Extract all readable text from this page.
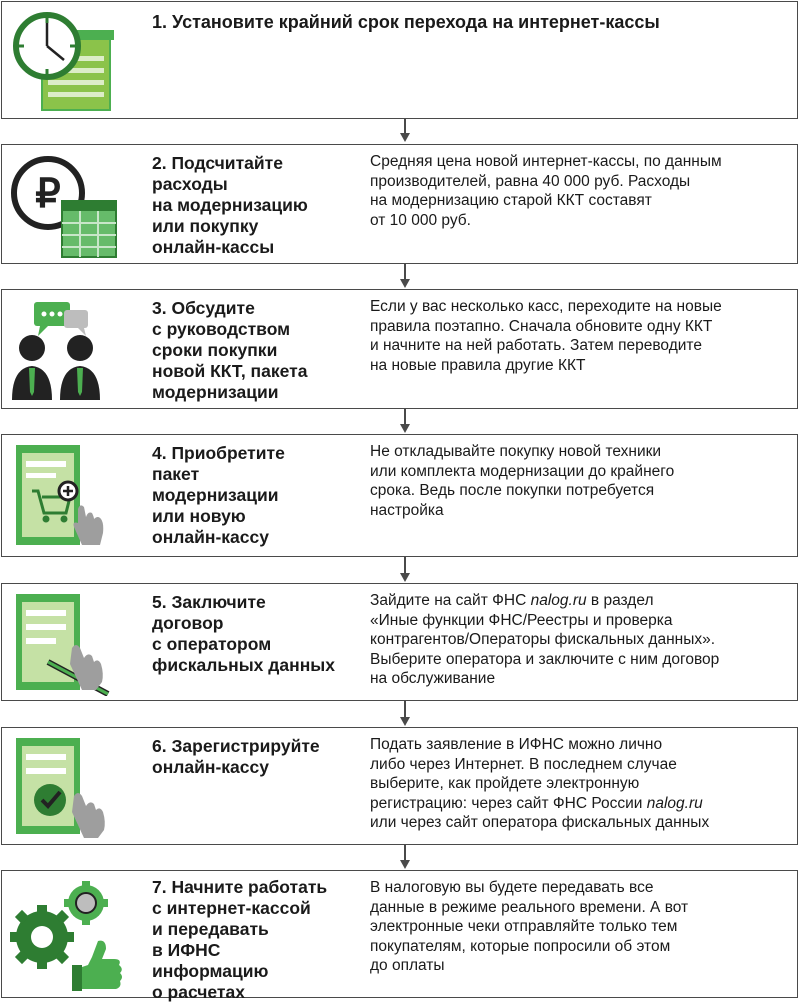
1. Установите крайний срок перехода на интернет-кассы
₽
2. Подсчитайте
расходы
на модернизацию
или покупку
онлайн-кассы
Средняя цена новой интернет-кассы, по данным
производителей, равна 40 000 руб. Расходы
на модернизацию старой ККТ составят
от 10 000 руб.
3. Обсудите
с руководством
сроки покупки
новой ККТ, пакета
модернизации
Если у вас несколько касс, переходите на новые
правила поэтапно. Сначала обновите одну ККТ
и начните на ней работать. Затем переводите
на новые правила другие ККТ
4. Приобретите
пакет
модернизации
или новую
онлайн-кассу
Не откладывайте покупку новой техники
или комплекта модернизации до крайнего
срока. Ведь после покупки потребуется
настройка
5. Заключите
договор
с оператором
фискальных данных
Зайдите на сайт ФНС nalog.ru в раздел
«Иные функции ФНС/Реестры и проверка
контрагентов/Операторы фискальных данных».
Выберите оператора и заключите с ним договор
на обслуживание
6. Зарегистрируйте
онлайн-кассу
Подать заявление в ИФНС можно лично
либо через Интернет. В последнем случае
выберите, как пройдете электронную
регистрацию: через сайт ФНС России nalog.ru
или через сайт оператора фискальных данных
7. Начните работать
с интернет-кассой
и передавать
в ИФНС
информацию
о расчетах
В налоговую вы будете передавать все
данные в режиме реального времени. А вот
электронные чеки отправляйте только тем
покупателям, которые попросили об этом
до оплаты
